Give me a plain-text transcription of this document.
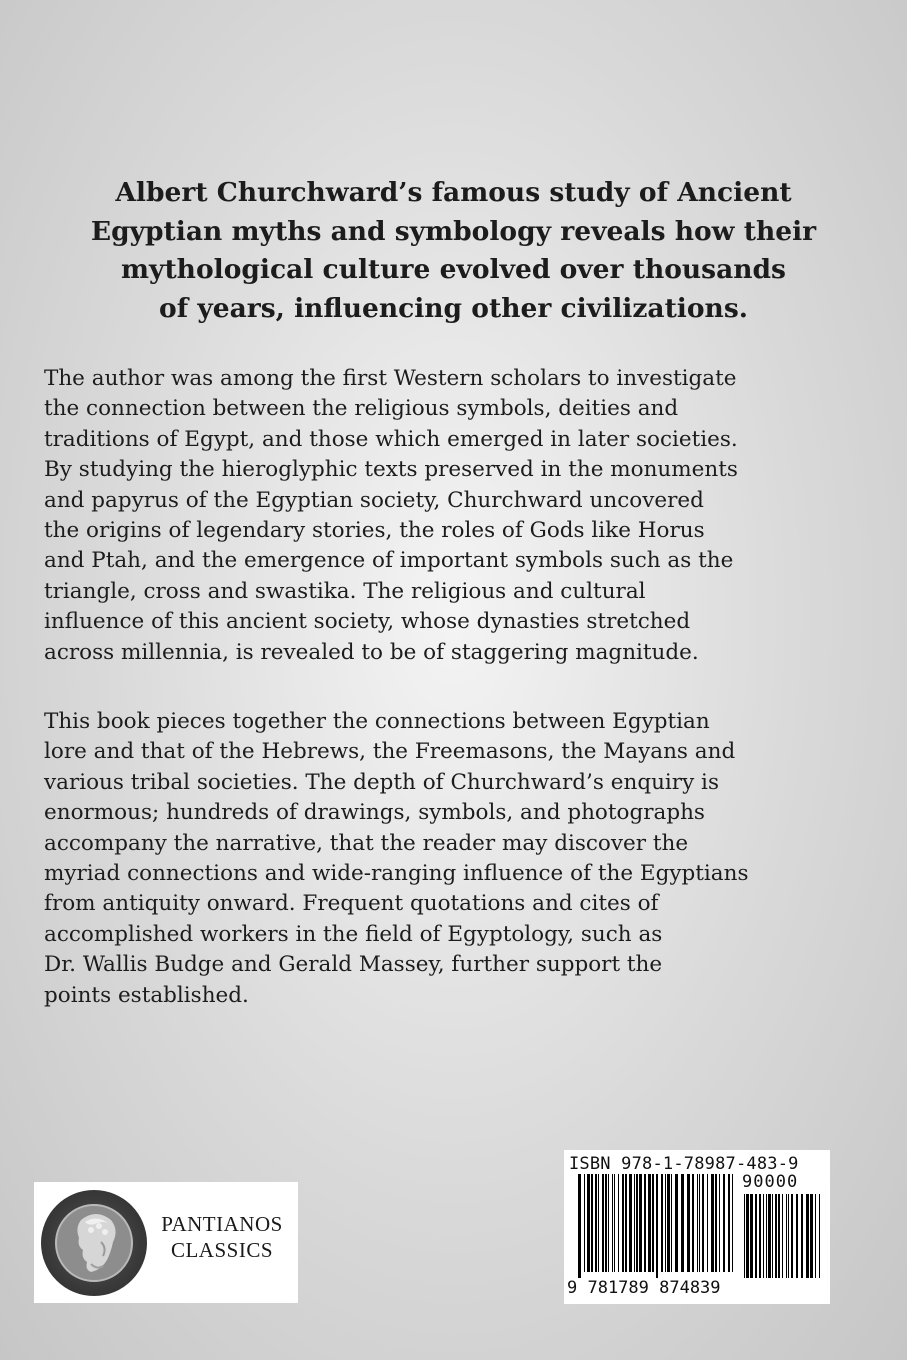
Albert Churchward’s famous study of Ancient
Egyptian myths and symbology reveals how their
mythological culture evolved over thousands
of years, influencing other civilizations.

The author was among the first Western scholars to investigate
the connection between the religious symbols, deities and
traditions of Egypt, and those which emerged in later societies.
By studying the hieroglyphic texts preserved in the monuments
and papyrus of the Egyptian society, Churchward uncovered
the origins of legendary stories, the roles of Gods like Horus
and Ptah, and the emergence of important symbols such as the
triangle, cross and swastika. The religious and cultural
influence of this ancient society, whose dynasties stretched
across millennia, is revealed to be of staggering magnitude.

This book pieces together the connections between Egyptian
lore and that of the Hebrews, the Freemasons, the Mayans and
various tribal societies. The depth of Churchward’s enquiry is
enormous; hundreds of drawings, symbols, and photographs
accompany the narrative, that the reader may discover the
myriad connections and wide-ranging influence of the Egyptians
from antiquity onward. Frequent quotations and cites of
accomplished workers in the field of Egyptology, such as
Dr. Wallis Budge and Gerald Massey, further support the
points established.

PANTIANOS
CLASSICS

ISBN 978-1-78987-483-9

90000

9 781789 874839
